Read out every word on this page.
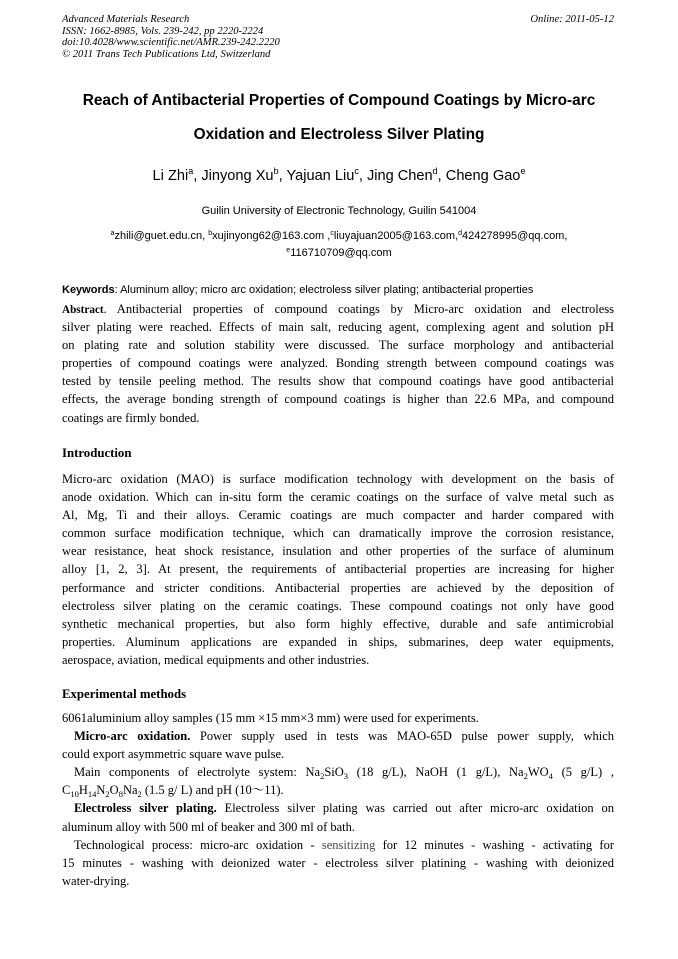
Advanced Materials Research
ISSN: 1662-8985, Vols. 239-242, pp 2220-2224
doi:10.4028/www.scientific.net/AMR.239-242.2220
© 2011 Trans Tech Publications Ltd, Switzerland
Online: 2011-05-12
Reach of Antibacterial Properties of Compound Coatings by Micro-arc
Oxidation and Electroless Silver Plating
Li Zhi$^a$, Jinyong Xu$^b$, Yajuan Liu$^c$, Jing Chen$^d$, Cheng Gao$^e$
Guilin University of Electronic Technology, Guilin 541004
$^a$zhili@guet.edu.cn, $^b$xujinyong62@163.com ,$^c$liuyajuan2005@163.com,$^d$424278995@qq.com,
$^e$116710709@qq.com
Keywords: Aluminum alloy; micro arc oxidation; electroless silver plating; antibacterial properties
Abstract. Antibacterial properties of compound coatings by Micro-arc oxidation and electroless
silver plating were reached. Effects of main salt, reducing agent, complexing agent and solution pH
on plating rate and solution stability were discussed. The surface morphology and antibacterial
properties of compound coatings were analyzed. Bonding strength between compound coatings was
tested by tensile peeling method. The results show that compound coatings have good antibacterial
effects, the average bonding strength of compound coatings is higher than 22.6 MPa, and compound
coatings are firmly bonded.
Introduction
Micro-arc oxidation (MAO) is surface modification technology with development on the basis of
anode oxidation. Which can in-situ form the ceramic coatings on the surface of valve metal such as
Al, Mg, Ti and their alloys. Ceramic coatings are much compacter and harder compared with
common surface modification technique, which can dramatically improve the corrosion resistance,
wear resistance, heat shock resistance, insulation and other properties of the surface of aluminum
alloy [1, 2, 3]. At present, the requirements of antibacterial properties are increasing for higher
performance and stricter conditions. Antibacterial properties are achieved by the deposition of
electroless silver plating on the ceramic coatings. These compound coatings not only have good
synthetic mechanical properties, but also form highly effective, durable and safe antimicrobial
properties. Aluminum applications are expanded in ships, submarines, deep water equipments,
aerospace, aviation, medical equipments and other industries.
Experimental methods
6061aluminium alloy samples (15 mm ×15 mm×3 mm) were used for experiments.
Micro-arc oxidation. Power supply used in tests was MAO-65D pulse power supply, which
could export asymmetric square wave pulse.
Main components of electrolyte system: $Na_2SiO_3$ (18 g/L), NaOH (1 g/L), $Na_2WO_4$ (5 g/L) ,
$C_{10}H_{14}N_2O_8Na_2$ (1.5 g/ L) and pH (10～11).
Electroless silver plating. Electroless silver plating was carried out after micro-arc oxidation on
aluminum alloy with 500 ml of beaker and 300 ml of bath.
Technological process: micro-arc oxidation - sensitizing for 12 minutes - washing - activating for
15 minutes - washing with deionized water - electroless silver platining - washing with deionized
water-drying.
